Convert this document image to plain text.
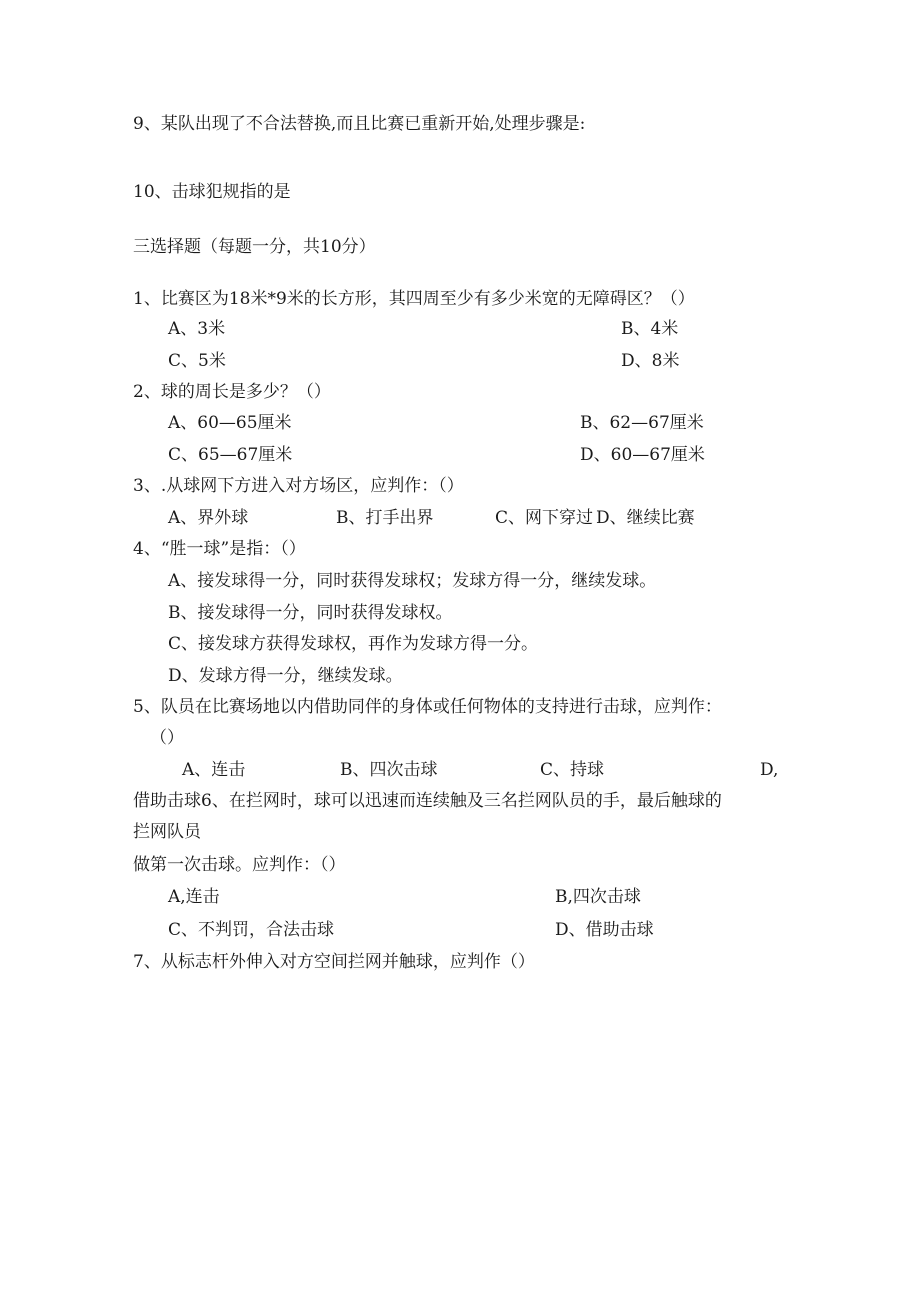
9、某队出现了不合法替换,而且比赛已重新开始,处理步骤是:
10、击球犯规指的是
三选择题（每题一分，共10分）
1、比赛区为18米*9米的长方形，其四周至少有多少米宽的无障碍区？（）
A、3米	B、4米
C、5米	D、8米
2、球的周长是多少？（）
A、60—65厘米	B、62—67厘米
C、65—67厘米	D、60—67厘米
3、.从球网下方进入对方场区，应判作：（）
A、界外球	B、打手出界	C、网下穿过 D、继续比赛
4、“胜一球”是指：（）
A、接发球得一分，同时获得发球权；发球方得一分，继续发球。
B、接发球得一分，同时获得发球权。
C、接发球方获得发球权，再作为发球方得一分。
D、发球方得一分，继续发球。
5、队员在比赛场地以内借助同伴的身体或任何物体的支持进行击球，应判作：
（）
A、连击	B、四次击球	C、持球	D,
借助击球6、在拦网时，球可以迅速而连续触及三名拦网队员的手，最后触球的
拦网队员
做第一次击球。应判作：（）
A,连击	B,四次击球
C、不判罚，合法击球	D、借助击球
7、从标志杆外伸入对方空间拦网并触球，应判作（）
